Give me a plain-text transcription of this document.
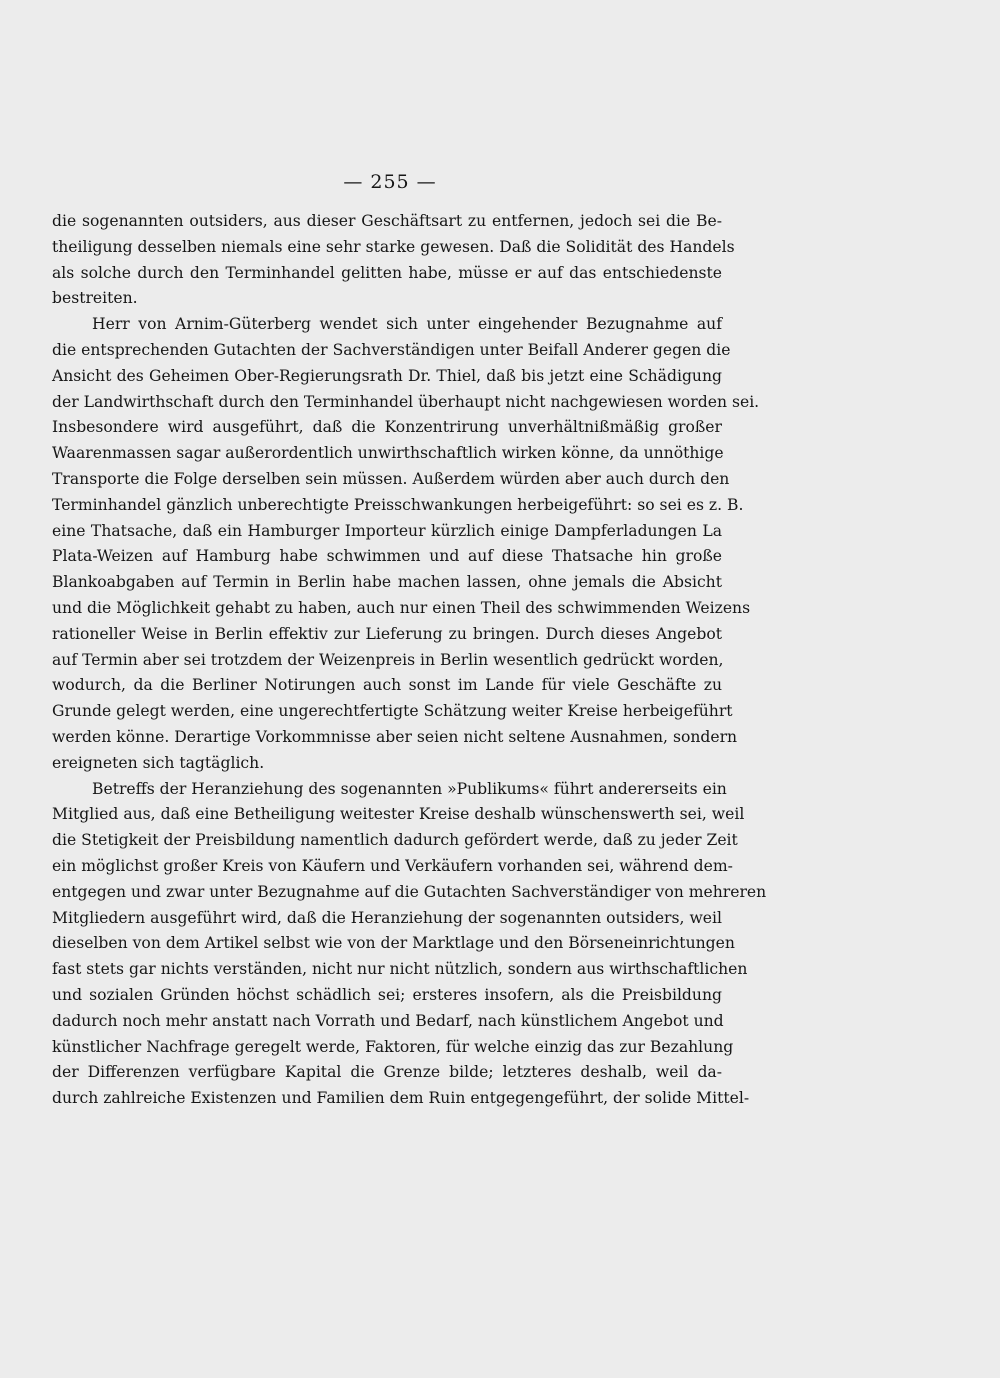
— 255 —
die sogenannten outsiders, aus dieser Geschäftsart zu entfernen, jedoch sei die Be-
theiligung desselben niemals eine sehr starke gewesen. Daß die Solidität des Handels
als solche durch den Terminhandel gelitten habe, müsse er auf das entschiedenste
bestreiten.
Herr von Arnim-Güterberg wendet sich unter eingehender Bezugnahme auf
die entsprechenden Gutachten der Sachverständigen unter Beifall Anderer gegen die
Ansicht des Geheimen Ober-Regierungsrath Dr. Thiel, daß bis jetzt eine Schädigung
der Landwirthschaft durch den Terminhandel überhaupt nicht nachgewiesen worden sei.
Insbesondere wird ausgeführt, daß die Konzentrirung unverhältnißmäßig großer
Waarenmassen sagar außerordentlich unwirthschaftlich wirken könne, da unnöthige
Transporte die Folge derselben sein müssen. Außerdem würden aber auch durch den
Terminhandel gänzlich unberechtigte Preisschwankungen herbeigeführt: so sei es z. B.
eine Thatsache, daß ein Hamburger Importeur kürzlich einige Dampferladungen La
Plata-Weizen auf Hamburg habe schwimmen und auf diese Thatsache hin große
Blankoabgaben auf Termin in Berlin habe machen lassen, ohne jemals die Absicht
und die Möglichkeit gehabt zu haben, auch nur einen Theil des schwimmenden Weizens
rationeller Weise in Berlin effektiv zur Lieferung zu bringen. Durch dieses Angebot
auf Termin aber sei trotzdem der Weizenpreis in Berlin wesentlich gedrückt worden,
wodurch, da die Berliner Notirungen auch sonst im Lande für viele Geschäfte zu
Grunde gelegt werden, eine ungerechtfertigte Schätzung weiter Kreise herbeigeführt
werden könne. Derartige Vorkommnisse aber seien nicht seltene Ausnahmen, sondern
ereigneten sich tagtäglich.
Betreffs der Heranziehung des sogenannten »Publikums« führt andererseits ein
Mitglied aus, daß eine Betheiligung weitester Kreise deshalb wünschenswerth sei, weil
die Stetigkeit der Preisbildung namentlich dadurch gefördert werde, daß zu jeder Zeit
ein möglichst großer Kreis von Käufern und Verkäufern vorhanden sei, während dem-
entgegen und zwar unter Bezugnahme auf die Gutachten Sachverständiger von mehreren
Mitgliedern ausgeführt wird, daß die Heranziehung der sogenannten outsiders, weil
dieselben von dem Artikel selbst wie von der Marktlage und den Börseneinrichtungen
fast stets gar nichts verständen, nicht nur nicht nützlich, sondern aus wirthschaftlichen
und sozialen Gründen höchst schädlich sei; ersteres insofern, als die Preisbildung
dadurch noch mehr anstatt nach Vorrath und Bedarf, nach künstlichem Angebot und
künstlicher Nachfrage geregelt werde, Faktoren, für welche einzig das zur Bezahlung
der Differenzen verfügbare Kapital die Grenze bilde; letzteres deshalb, weil da-
durch zahlreiche Existenzen und Familien dem Ruin entgegengeführt, der solide Mittel-
